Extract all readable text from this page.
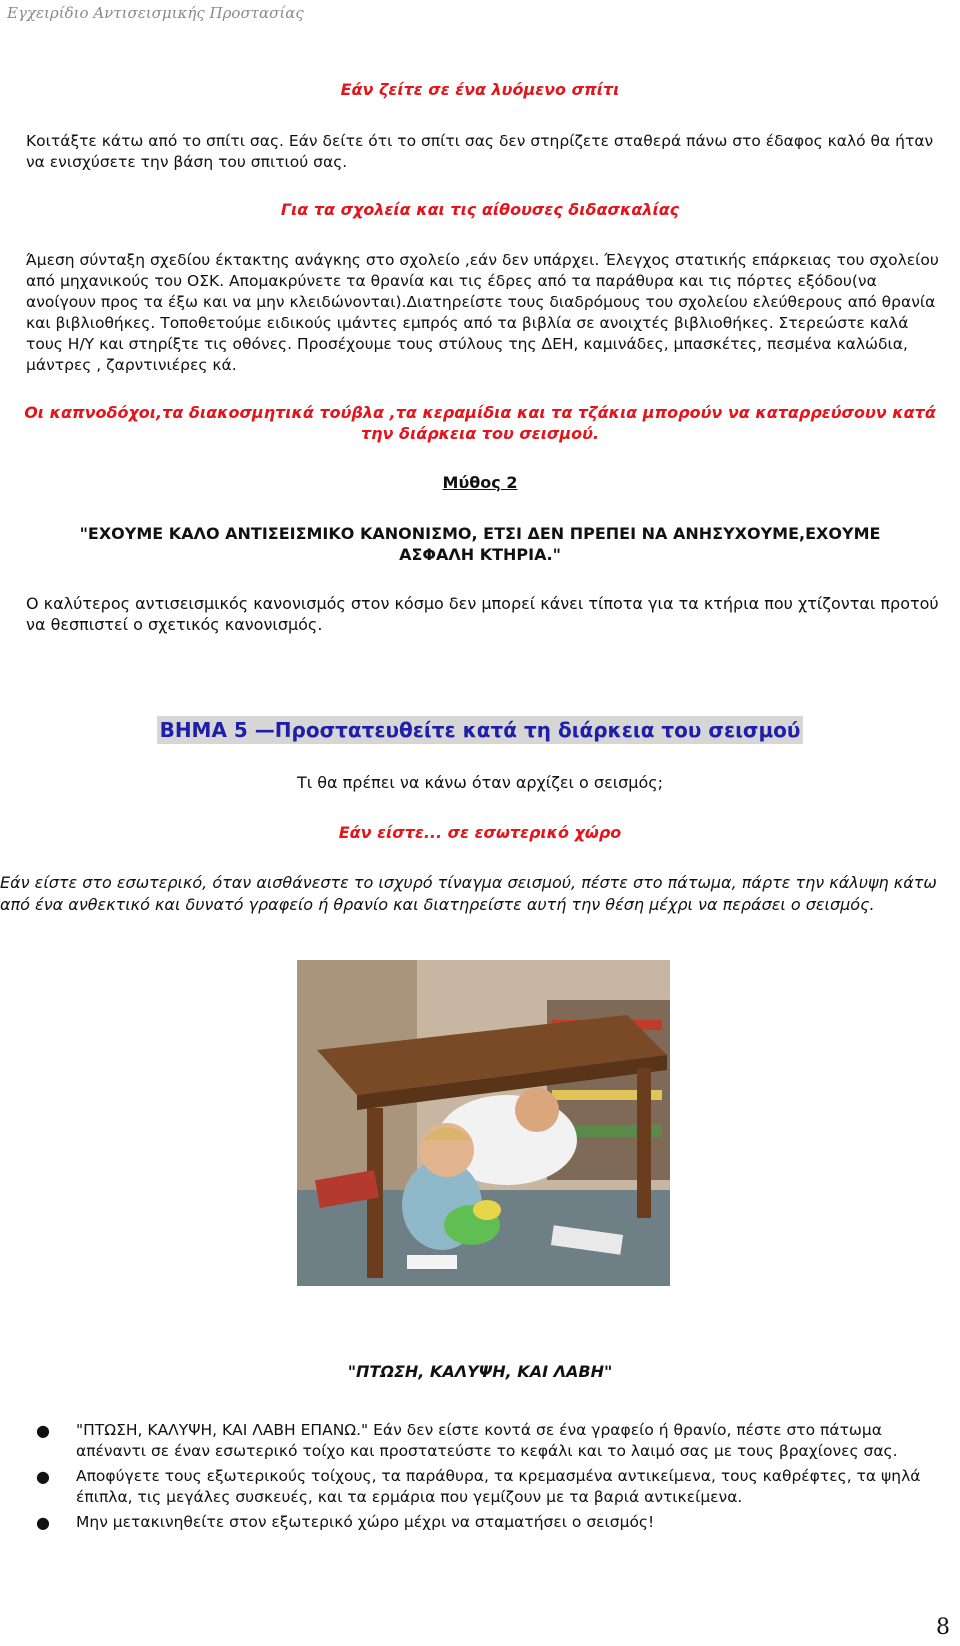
Εγχειρίδιο Αντισεισμικής Προστασίας
Εάν ζείτε σε ένα λυόμενο σπίτι
Κοιτάξτε κάτω από το σπίτι σας. Εάν δείτε ότι το σπίτι σας δεν στηρίζετε σταθερά πάνω στο έδαφος καλό θα ήταν να ενισχύσετε την βάση του σπιτιού σας.
Για τα σχολεία και τις αίθουσες διδασκαλίας
Άμεση σύνταξη σχεδίου έκτακτης ανάγκης στο σχολείο ,εάν δεν υπάρχει. Έλεγχος στατικής επάρκειας του σχολείου από μηχανικούς του ΟΣΚ. Απομακρύνετε τα θρανία και τις έδρες από τα παράθυρα και τις πόρτες εξόδου(να ανοίγουν προς τα έξω και να μην κλειδώνονται).Διατηρείστε τους διαδρόμους του σχολείου ελεύθερους από θρανία και βιβλιοθήκες. Τοποθετούμε ειδικούς ιμάντες εμπρός από τα βιβλία σε ανοιχτές βιβλιοθήκες. Στερεώστε καλά τους Η/Υ και στηρίξτε τις οθόνες. Προσέχουμε τους στύλους της ΔΕΗ, καμινάδες, μπασκέτες, πεσμένα καλώδια, μάντρες , ζαρντινιέρες κά.
Οι καπνοδόχοι,τα διακοσμητικά τούβλα ,τα κεραμίδια και τα τζάκια μπορούν να καταρρεύσουν κατά την διάρκεια του σεισμού.
Μύθος 2
"ΕΧΟΥΜΕ ΚΑΛΟ ΑΝΤΙΣΕΙΣΜΙΚΟ ΚΑΝΟΝΙΣΜΟ, ΕΤΣΙ ΔΕΝ ΠΡΕΠΕΙ ΝΑ ΑΝΗΣΥΧΟΥΜΕ,ΕΧΟΥΜΕ ΑΣΦΑΛΗ ΚΤΗΡΙΑ."
Ο καλύτερος αντισεισμικός κανονισμός στον κόσμο δεν μπορεί κάνει τίποτα για τα κτήρια που χτίζονται προτού να θεσπιστεί ο σχετικός κανονισμός.
ΒΗΜΑ 5 —Προστατευθείτε κατά τη διάρκεια του σεισμού
Τι θα πρέπει να κάνω όταν αρχίζει ο σεισμός;
Εάν είστε... σε εσωτερικό χώρο
Εάν είστε στο εσωτερικό, όταν αισθάνεστε το ισχυρό τίναγμα σεισμού, πέστε στο πάτωμα, πάρτε την κάλυψη κάτω από ένα ανθεκτικό και δυνατό γραφείο ή θρανίο και διατηρείστε αυτή την θέση μέχρι να περάσει ο σεισμός.
"ΠΤΩΣΗ, ΚΑΛΥΨΗ, ΚΑΙ ΛΑΒΗ"
● "ΠΤΩΣΗ, ΚΑΛΥΨΗ, ΚΑΙ ΛΑΒΗ ΕΠΑΝΩ." Εάν δεν είστε κοντά σε ένα γραφείο ή θρανίο, πέστε στο πάτωμα απέναντι σε έναν εσωτερικό τοίχο και προστατεύστε το κεφάλι και το λαιμό σας με τους βραχίονες σας.
● Αποφύγετε τους εξωτερικούς τοίχους, τα παράθυρα, τα κρεμασμένα αντικείμενα, τους καθρέφτες, τα ψηλά έπιπλα, τις μεγάλες συσκευές, και τα ερμάρια που γεμίζουν με τα βαριά αντικείμενα.
● Μην μετακινηθείτε στον εξωτερικό χώρο μέχρι να σταματήσει ο σεισμός!
8
